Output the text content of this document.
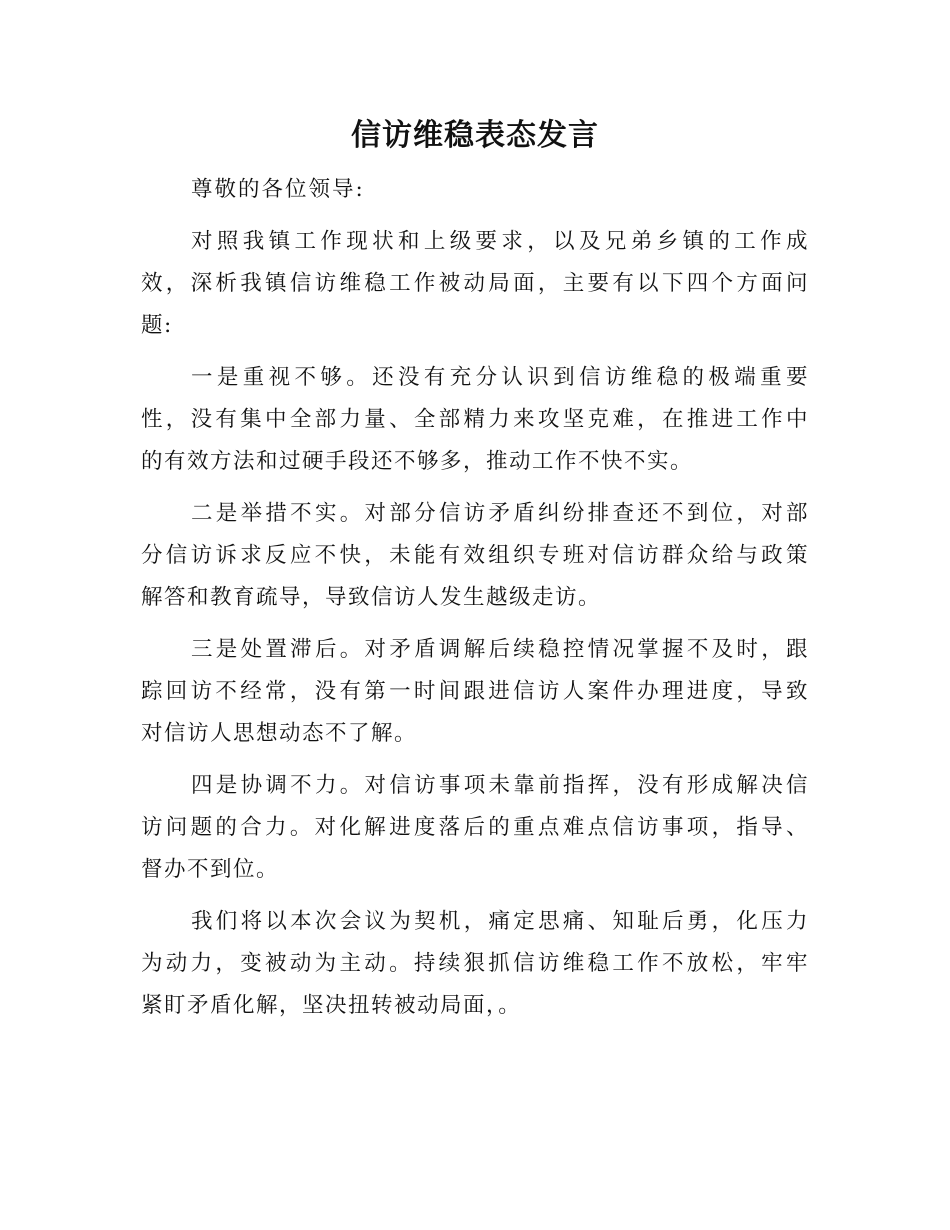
信访维稳表态发言

尊敬的各位领导:

对照我镇工作现状和上级要求，以及兄弟乡镇的工作成
效，深析我镇信访维稳工作被动局面，主要有以下四个方面问
题:

一是重视不够。还没有充分认识到信访维稳的极端重要
性，没有集中全部力量、全部精力来攻坚克难，在推进工作中
的有效方法和过硬手段还不够多，推动工作不快不实。

二是举措不实。对部分信访矛盾纠纷排查还不到位，对部
分信访诉求反应不快，未能有效组织专班对信访群众给与政策
解答和教育疏导，导致信访人发生越级走访。

三是处置滞后。对矛盾调解后续稳控情况掌握不及时，跟
踪回访不经常，没有第一时间跟进信访人案件办理进度，导致
对信访人思想动态不了解。

四是协调不力。对信访事项未靠前指挥，没有形成解决信
访问题的合力。对化解进度落后的重点难点信访事项，指导、
督办不到位。

我们将以本次会议为契机，痛定思痛、知耻后勇，化压力
为动力，变被动为主动。持续狠抓信访维稳工作不放松，牢牢
紧盯矛盾化解，坚决扭转被动局面，。
